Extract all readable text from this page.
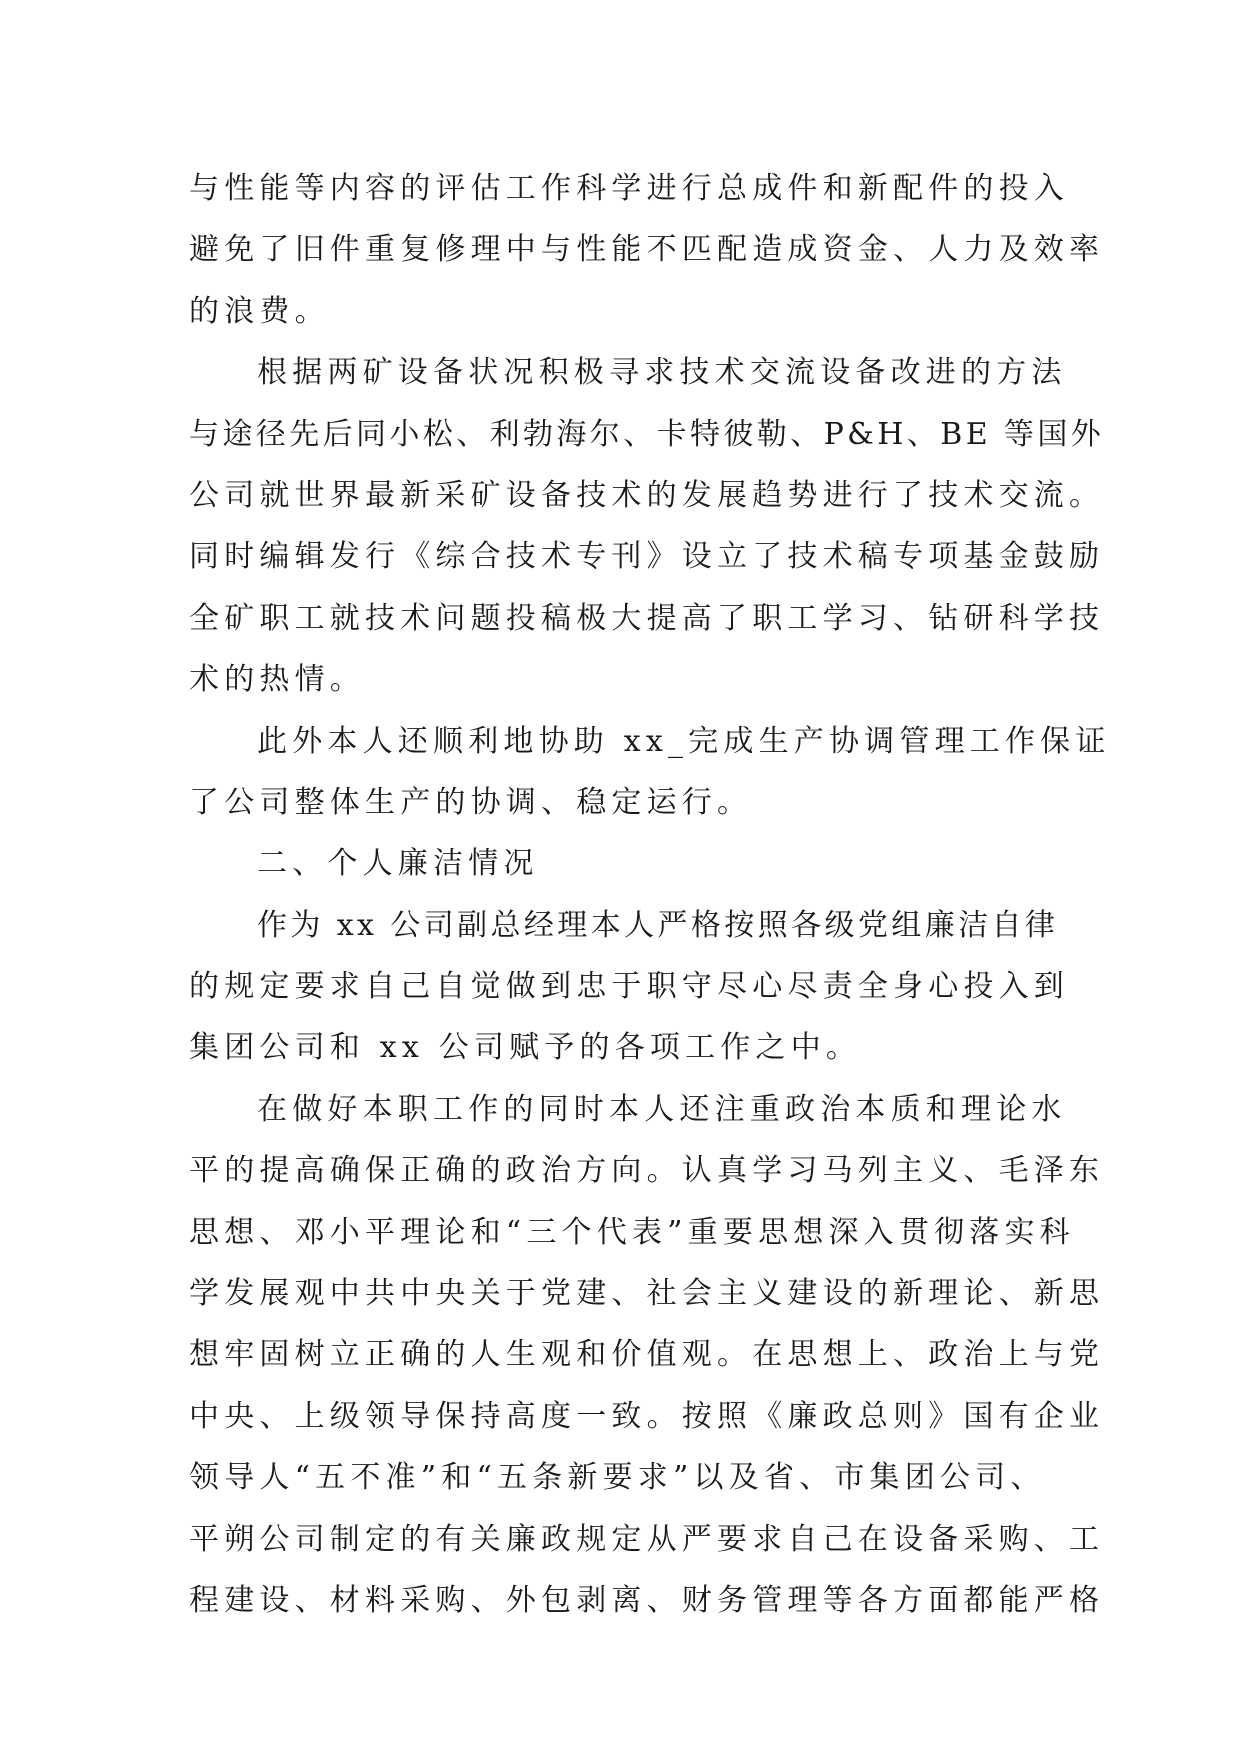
与性能等内容的评估工作科学进行总成件和新配件的投入
避免了旧件重复修理中与性能不匹配造成资金、人力及效率
的浪费。
根据两矿设备状况积极寻求技术交流设备改进的方法
与途径先后同小松、利勃海尔、卡特彼勒、P&H、BE 等国外
公司就世界最新采矿设备技术的发展趋势进行了技术交流。
同时编辑发行《综合技术专刊》设立了技术稿专项基金鼓励
全矿职工就技术问题投稿极大提高了职工学习、钻研科学技
术的热情。
此外本人还顺利地协助 xx_完成生产协调管理工作保证
了公司整体生产的协调、稳定运行。
二、个人廉洁情况
作为 xx 公司副总经理本人严格按照各级党组廉洁自律
的规定要求自己自觉做到忠于职守尽心尽责全身心投入到
集团公司和 xx 公司赋予的各项工作之中。
在做好本职工作的同时本人还注重政治本质和理论水
平的提高确保正确的政治方向。认真学习马列主义、毛泽东
思想、邓小平理论和“三个代表”重要思想深入贯彻落实科
学发展观中共中央关于党建、社会主义建设的新理论、新思
想牢固树立正确的人生观和价值观。在思想上、政治上与党
中央、上级领导保持高度一致。按照《廉政总则》国有企业
领导人“五不准”和“五条新要求”以及省、市集团公司、
平朔公司制定的有关廉政规定从严要求自己在设备采购、工
程建设、材料采购、外包剥离、财务管理等各方面都能严格
